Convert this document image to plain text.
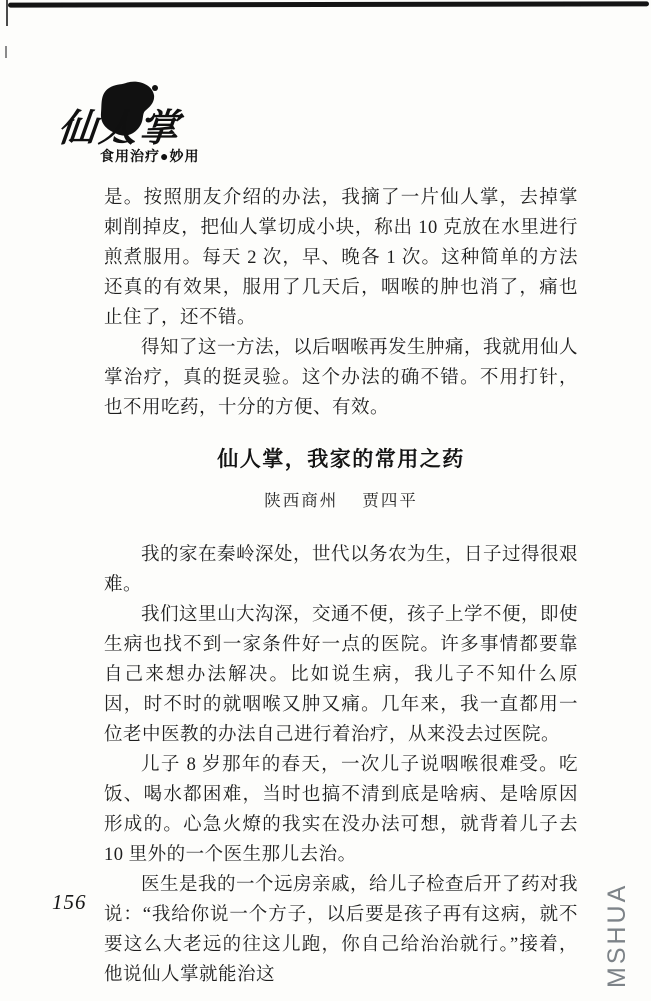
仙人掌
食用治疗●妙用

是。按照朋友介绍的办法，我摘了一片仙人掌，去掉掌刺削掉皮，把仙人掌切成小块，称出 10 克放在水里进行煎煮服用。每天 2 次，早、晚各 1 次。这种简单的方法还真的有效果，服用了几天后，咽喉的肿也消了，痛也止住了，还不错。

得知了这一方法，以后咽喉再发生肿痛，我就用仙人掌治疗，真的挺灵验。这个办法的确不错。不用打针，也不用吃药，十分的方便、有效。

仙人掌，我家的常用之药
陕西商州 贾四平

我的家在秦岭深处，世代以务农为生，日子过得很艰难。

我们这里山大沟深，交通不便，孩子上学不便，即使生病也找不到一家条件好一点的医院。许多事情都要靠自己来想办法解决。比如说生病，我儿子不知什么原因，时不时的就咽喉又肿又痛。几年来，我一直都用一位老中医教的办法自己进行着治疗，从来没去过医院。

儿子 8 岁那年的春天，一次儿子说咽喉很难受。吃饭、喝水都困难，当时也搞不清到底是啥病、是啥原因形成的。心急火燎的我实在没办法可想，就背着儿子去 10 里外的一个医生那儿去治。

医生是我的一个远房亲戚，给儿子检查后开了药对我说：“我给你说一个方子，以后要是孩子再有这病，就不要这么大老远的往这儿跑，你自己给治治就行。”接着，他说仙人掌就能治这

156	MSHUA
